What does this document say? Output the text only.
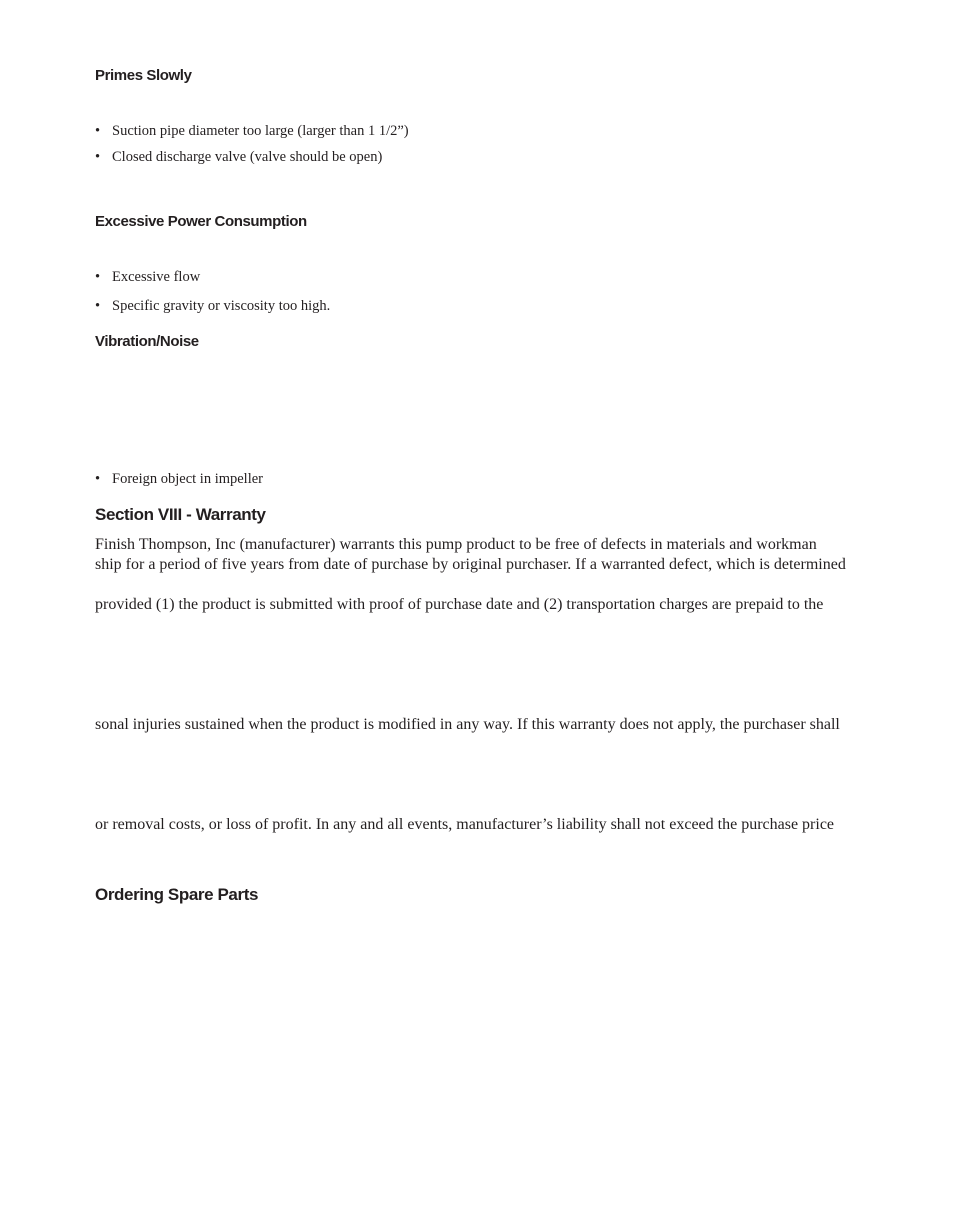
Primes Slowly
• Suction pipe diameter too large (larger than 1 1/2”)
• Closed discharge valve (valve should be open)
Excessive Power Consumption
• Excessive flow
• Specific gravity or viscosity too high.
Vibration/Noise
• Foreign object in impeller
Section VIII - Warranty
Finish Thompson, Inc (manufacturer) warrants this pump product to be free of defects in materials and workman
ship for a period of five years from date of purchase by original purchaser. If a warranted defect, which is determined
provided (1) the product is submitted with proof of purchase date and (2) transportation charges are prepaid to the
sonal injuries sustained when the product is modified in any way. If this warranty does not apply, the purchaser shall
or removal costs, or loss of profit. In any and all events, manufacturer’s liability shall not exceed the purchase price
Ordering Spare Parts
